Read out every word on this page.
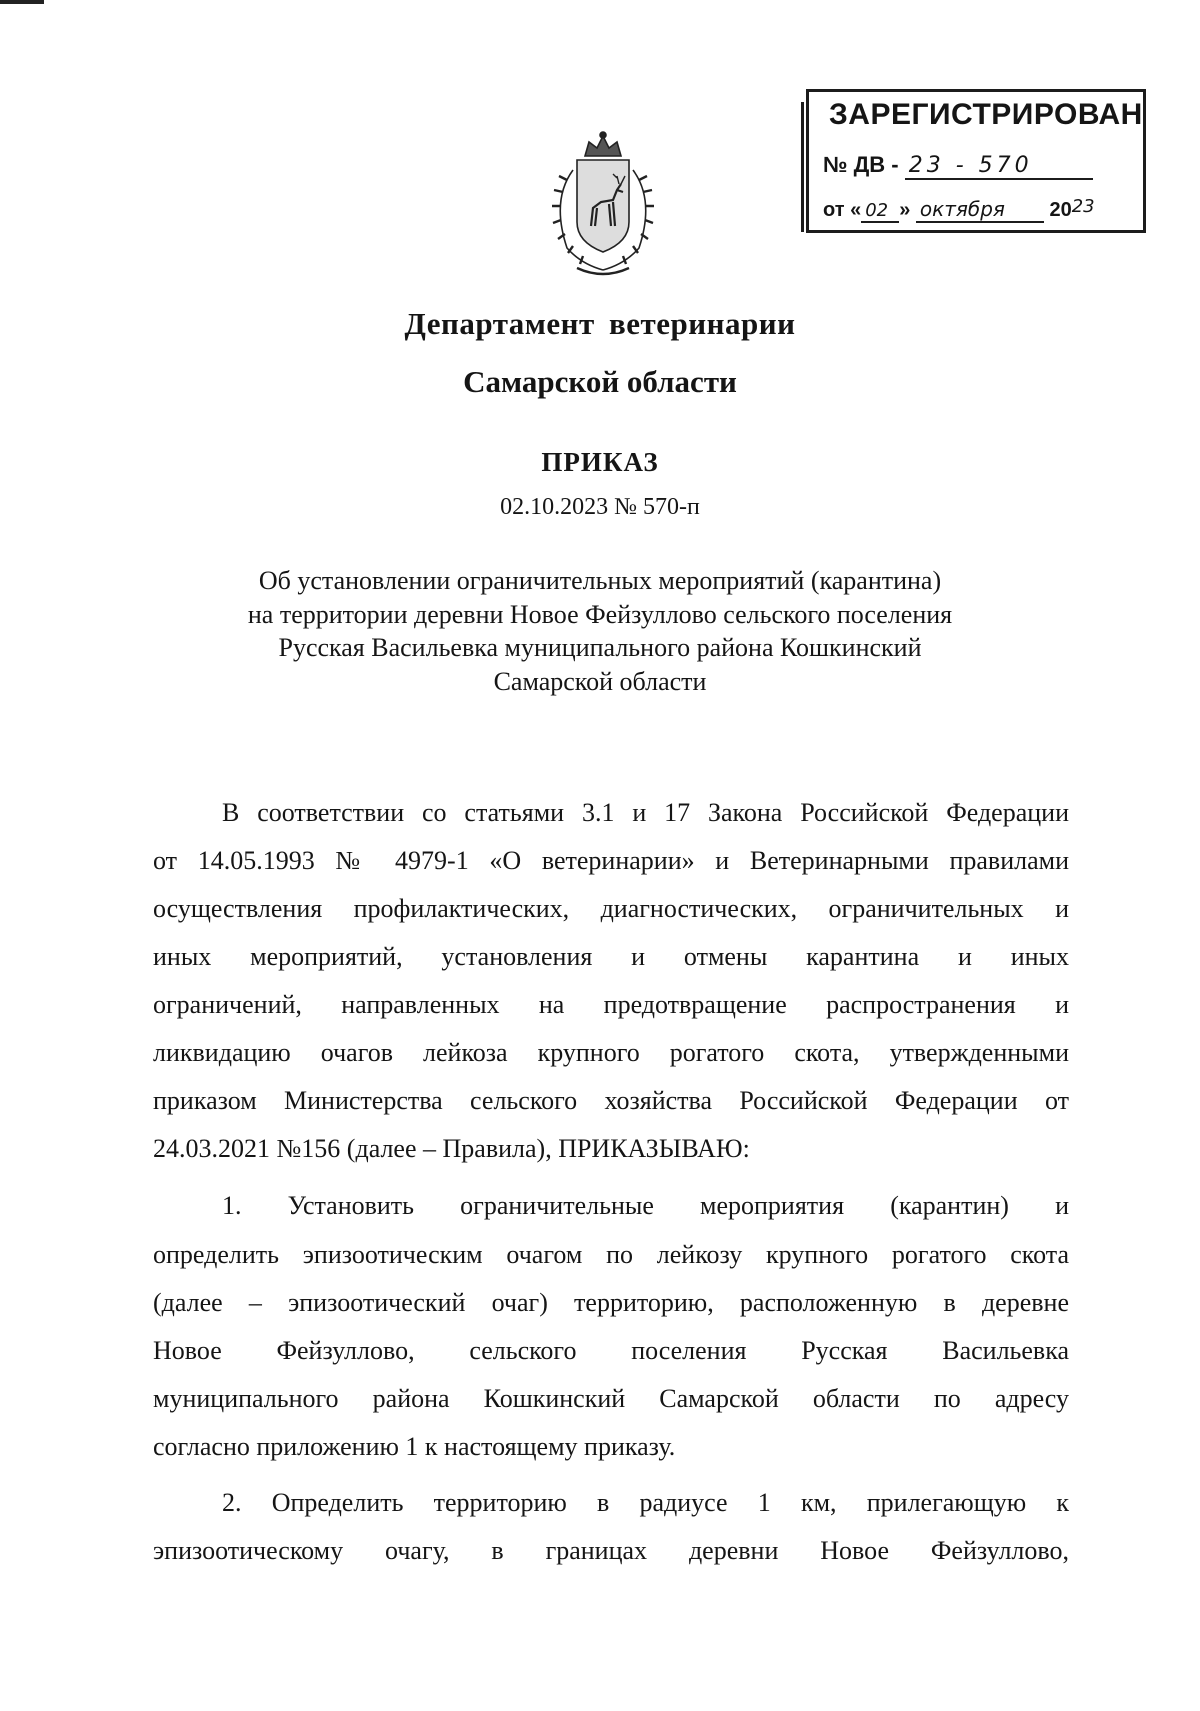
ЗАРЕГИСТРИРОВАН
№ ДВ - 23 - 570
от « 02 » октября 2023
Департамент ветеринарии
Самарской области
ПРИКАЗ
02.10.2023 № 570-п
Об установлении ограничительных мероприятий (карантина)
на территории деревни Новое Фейзуллово сельского поселения
Русская Васильевка муниципального района Кошкинский
Самарской области
В соответствии со статьями 3.1 и 17 Закона Российской Федерации
от 14.05.1993 № 4979-1 «О ветеринарии» и Ветеринарными правилами
осуществления профилактических, диагностических, ограничительных и
иных мероприятий, установления и отмены карантина и иных
ограничений, направленных на предотвращение распространения и
ликвидацию очагов лейкоза крупного рогатого скота, утвержденными
приказом Министерства сельского хозяйства Российской Федерации от
24.03.2021 №156 (далее – Правила), ПРИКАЗЫВАЮ:
1. Установить ограничительные мероприятия (карантин) и
определить эпизоотическим очагом по лейкозу крупного рогатого скота
(далее – эпизоотический очаг) территорию, расположенную в деревне
Новое Фейзуллово, сельского поселения Русская Васильевка
муниципального района Кошкинский Самарской области по адресу
согласно приложению 1 к настоящему приказу.
2. Определить территорию в радиусе 1 км, прилегающую к
эпизоотическому очагу, в границах деревни Новое Фейзуллово,
